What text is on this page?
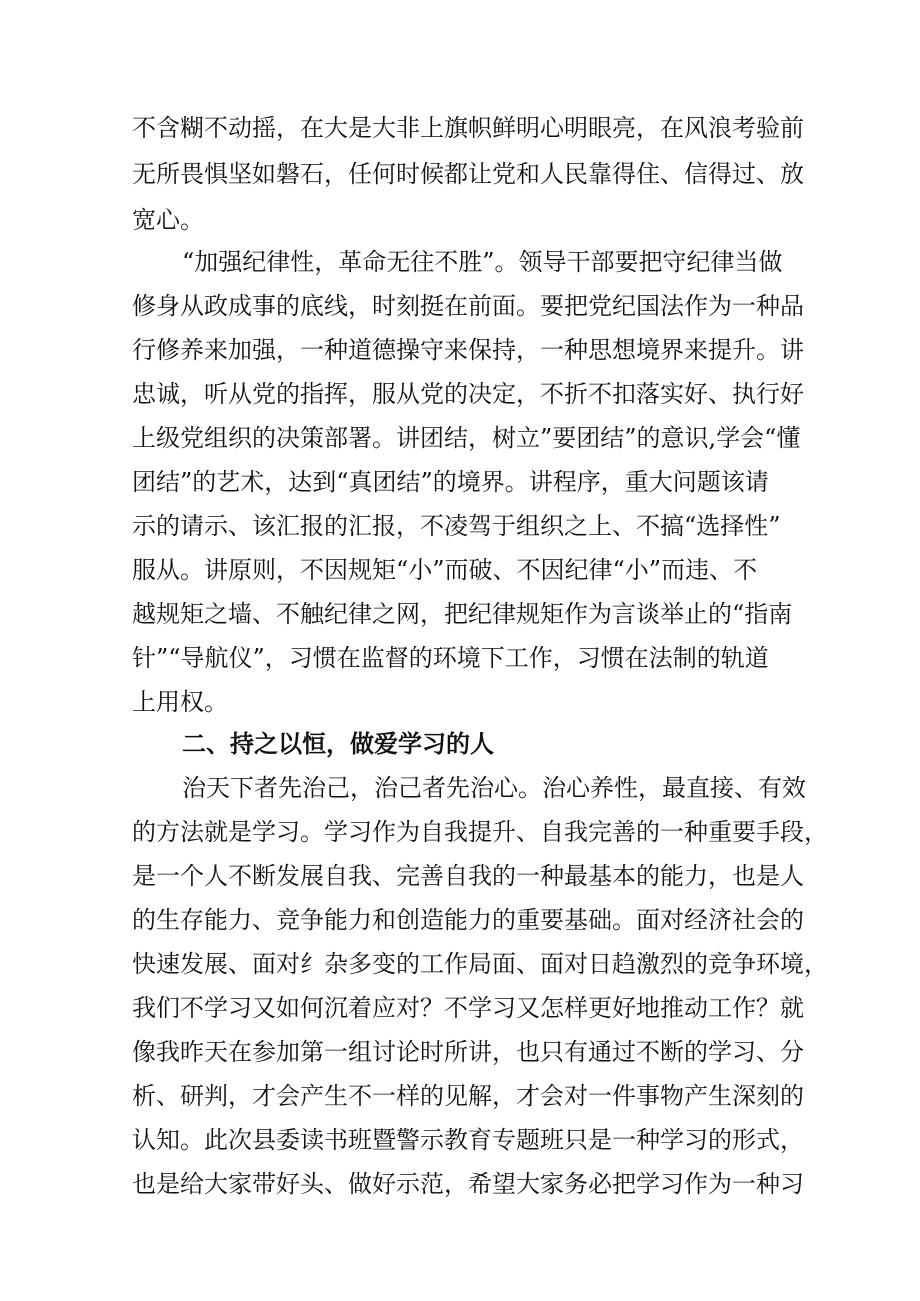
不含糊不动摇，在大是大非上旗帜鲜明心明眼亮，在风浪考验前
无所畏惧坚如磐石，任何时候都让党和人民靠得住、信得过、放
宽心。
“加强纪律性，革命无往不胜”。领导干部要把守纪律当做
修身从政成事的底线，时刻挺在前面。要把党纪国法作为一种品
行修养来加强，一种道德操守来保持，一种思想境界来提升。讲
忠诚，听从党的指挥，服从党的决定，不折不扣落实好、执行好
上级党组织的决策部署。讲团结，树立”要团结”的意识,学会“懂
团结”的艺术，达到“真团结”的境界。讲程序，重大问题该请
示的请示、该汇报的汇报，不凌驾于组织之上、不搞“选择性”
服从。讲原则，不因规矩“小”而破、不因纪律“小”而违、不
越规矩之墙、不触纪律之网，把纪律规矩作为言谈举止的“指南
针”“导航仪”，习惯在监督的环境下工作，习惯在法制的轨道
上用权。
二、持之以恒，做爱学习的人
治天下者先治己，治己者先治心。治心养性，最直接、有效
的方法就是学习。学习作为自我提升、自我完善的一种重要手段，
是一个人不断发展自我、完善自我的一种最基本的能力，也是人
的生存能力、竞争能力和创造能力的重要基础。面对经济社会的
快速发展、面对纟杂多变的工作局面、面对日趋激烈的竞争环境，
我们不学习又如何沉着应对？不学习又怎样更好地推动工作？就
像我昨天在参加第一组讨论时所讲，也只有通过不断的学习、分
析、研判，才会产生不一样的见解，才会对一件事物产生深刻的
认知。此次县委读书班暨警示教育专题班只是一种学习的形式，
也是给大家带好头、做好示范，希望大家务必把学习作为一种习
